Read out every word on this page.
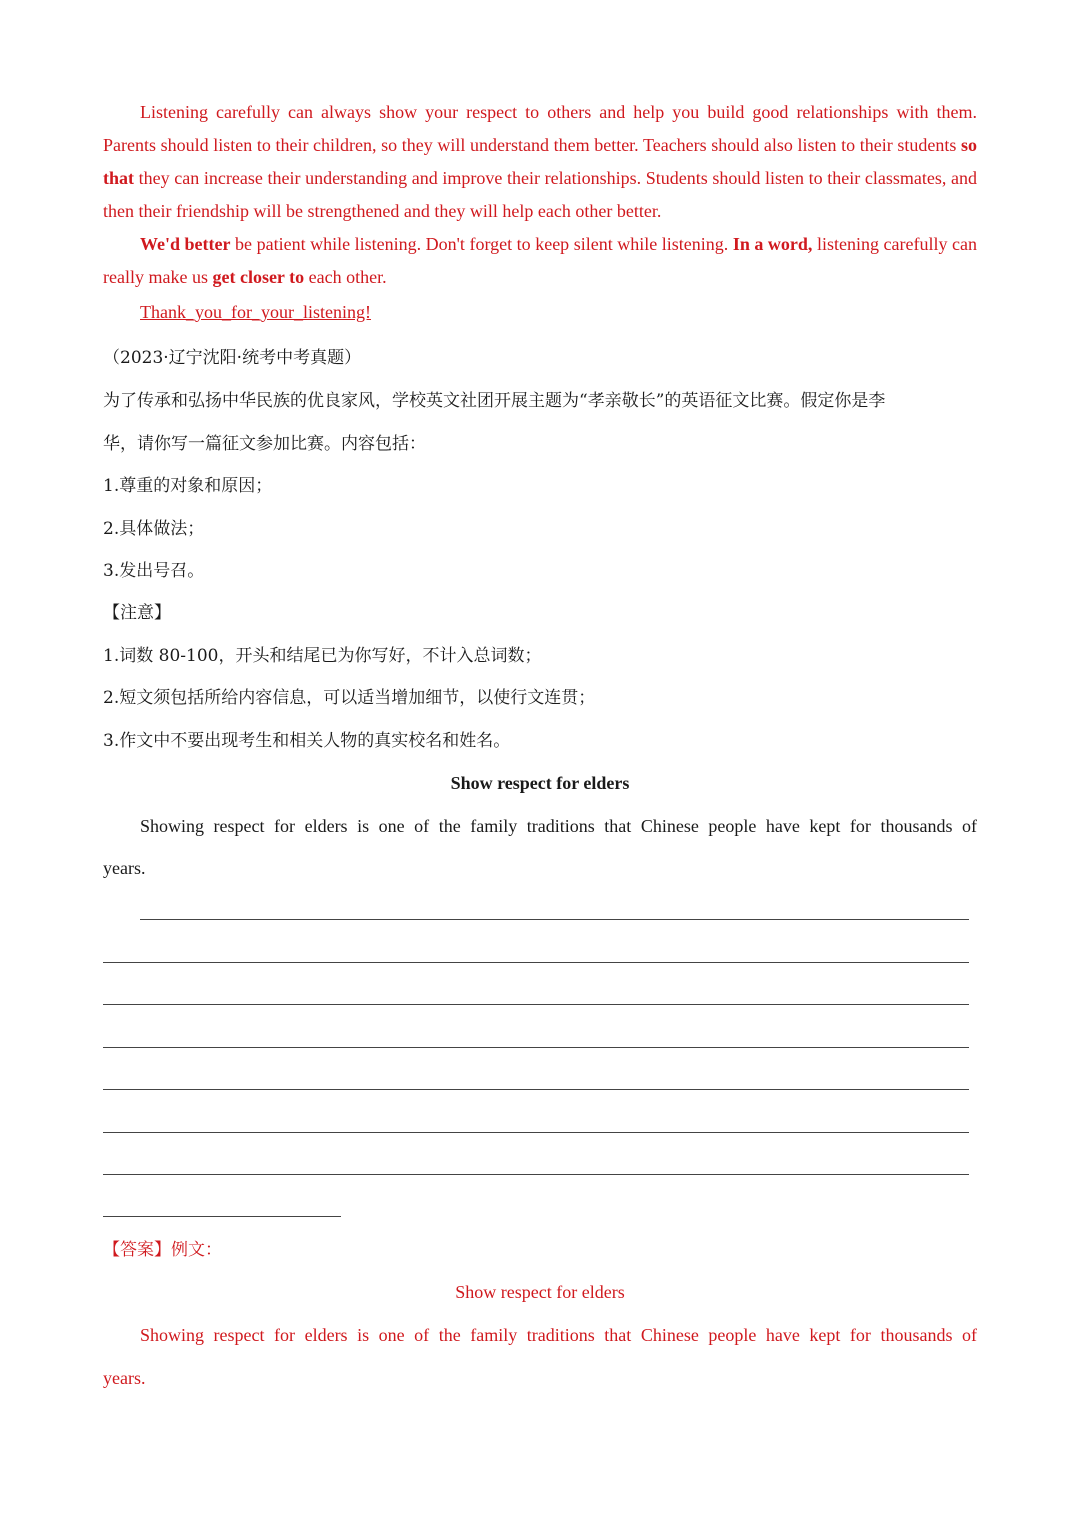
Listening carefully can always show your respect to others and help you build good relationships with them. Parents should listen to their children, so they will understand them better. Teachers should also listen to their students so that they can increase their understanding and improve their relationships. Students should listen to their classmates, and then their friendship will be strengthened and they will help each other better.

We'd better be patient while listening. Don't forget to keep silent while listening. In a word, listening carefully can really make us get closer to each other.

Thank_you_for_your_listening!

（2023·辽宁沈阳·统考中考真题）

为了传承和弘扬中华民族的优良家风，学校英文社团开展主题为“孝亲敬长”的英语征文比赛。假定你是李

华，请你写一篇征文参加比赛。内容包括：

1.尊重的对象和原因；

2.具体做法；

3.发出号召。

【注意】

1.词数 80-100，开头和结尾已为你写好，不计入总词数；

2.短文须包括所给内容信息，可以适当增加细节，以使行文连贯；

3.作文中不要出现考生和相关人物的真实校名和姓名。

Show respect for elders

Showing respect for elders is one of the family traditions that Chinese people have kept for thousands of

years.

【答案】例文：

Show respect for elders

Showing respect for elders is one of the family traditions that Chinese people have kept for thousands of

years.
